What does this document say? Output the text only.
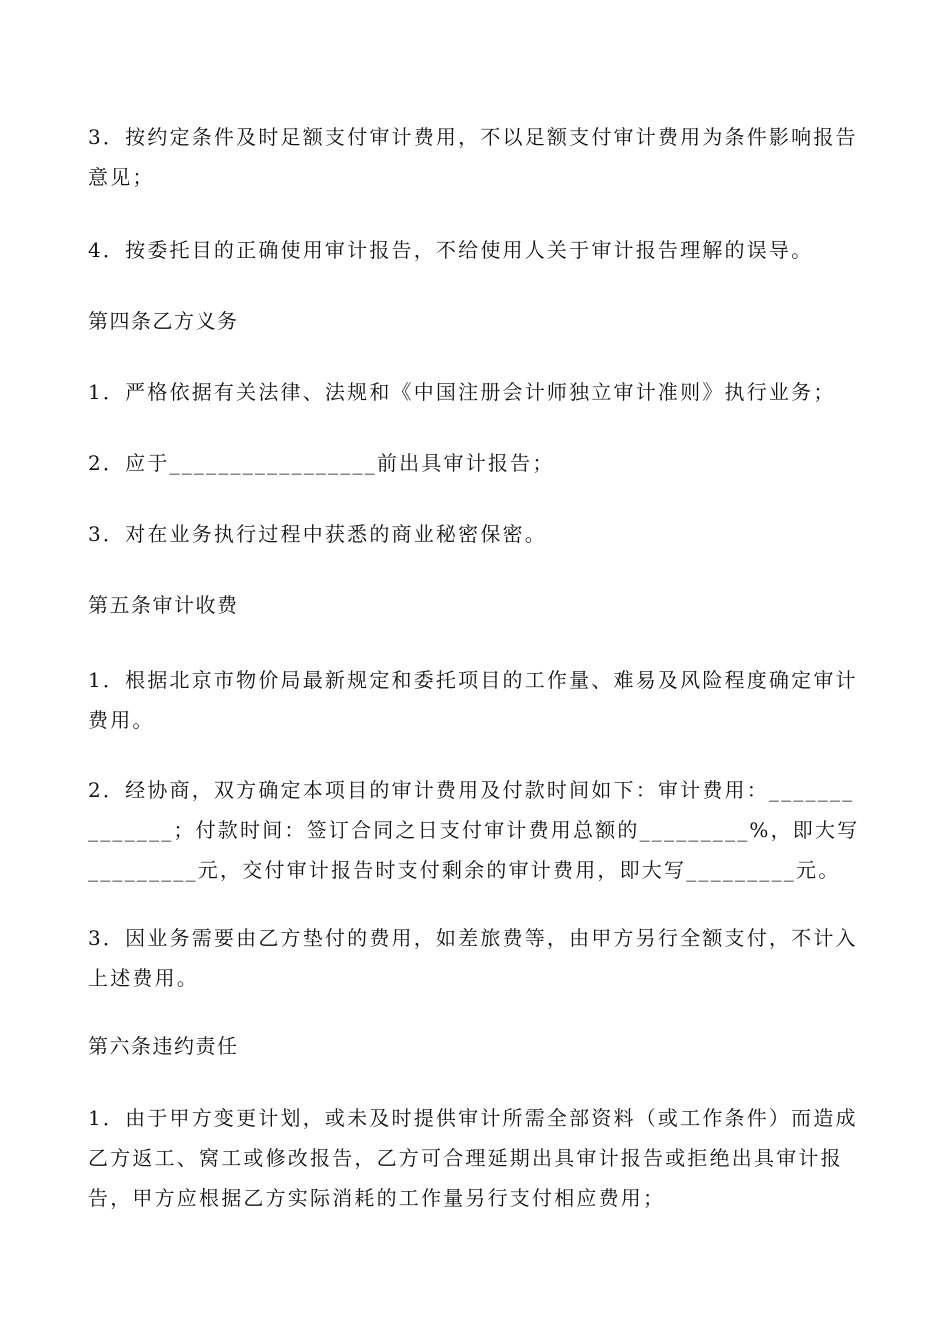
3．按约定条件及时足额支付审计费用，不以足额支付审计费用为条件影响报告意见；

4．按委托目的正确使用审计报告，不给使用人关于审计报告理解的误导。

第四条乙方义务

1．严格依据有关法律、法规和《中国注册会计师独立审计准则》执行业务；

2．应于_________________前出具审计报告；

3．对在业务执行过程中获悉的商业秘密保密。

第五条审计收费

1．根据北京市物价局最新规定和委托项目的工作量、难易及风险程度确定审计费用。

2．经协商，双方确定本项目的审计费用及付款时间如下：审计费用：______________；付款时间：签订合同之日支付审计费用总额的_________%，即大写_________元，交付审计报告时支付剩余的审计费用，即大写_________元。

3．因业务需要由乙方垫付的费用，如差旅费等，由甲方另行全额支付，不计入上述费用。

第六条违约责任

1．由于甲方变更计划，或未及时提供审计所需全部资料（或工作条件）而造成乙方返工、窝工或修改报告，乙方可合理延期出具审计报告或拒绝出具审计报告，甲方应根据乙方实际消耗的工作量另行支付相应费用；
